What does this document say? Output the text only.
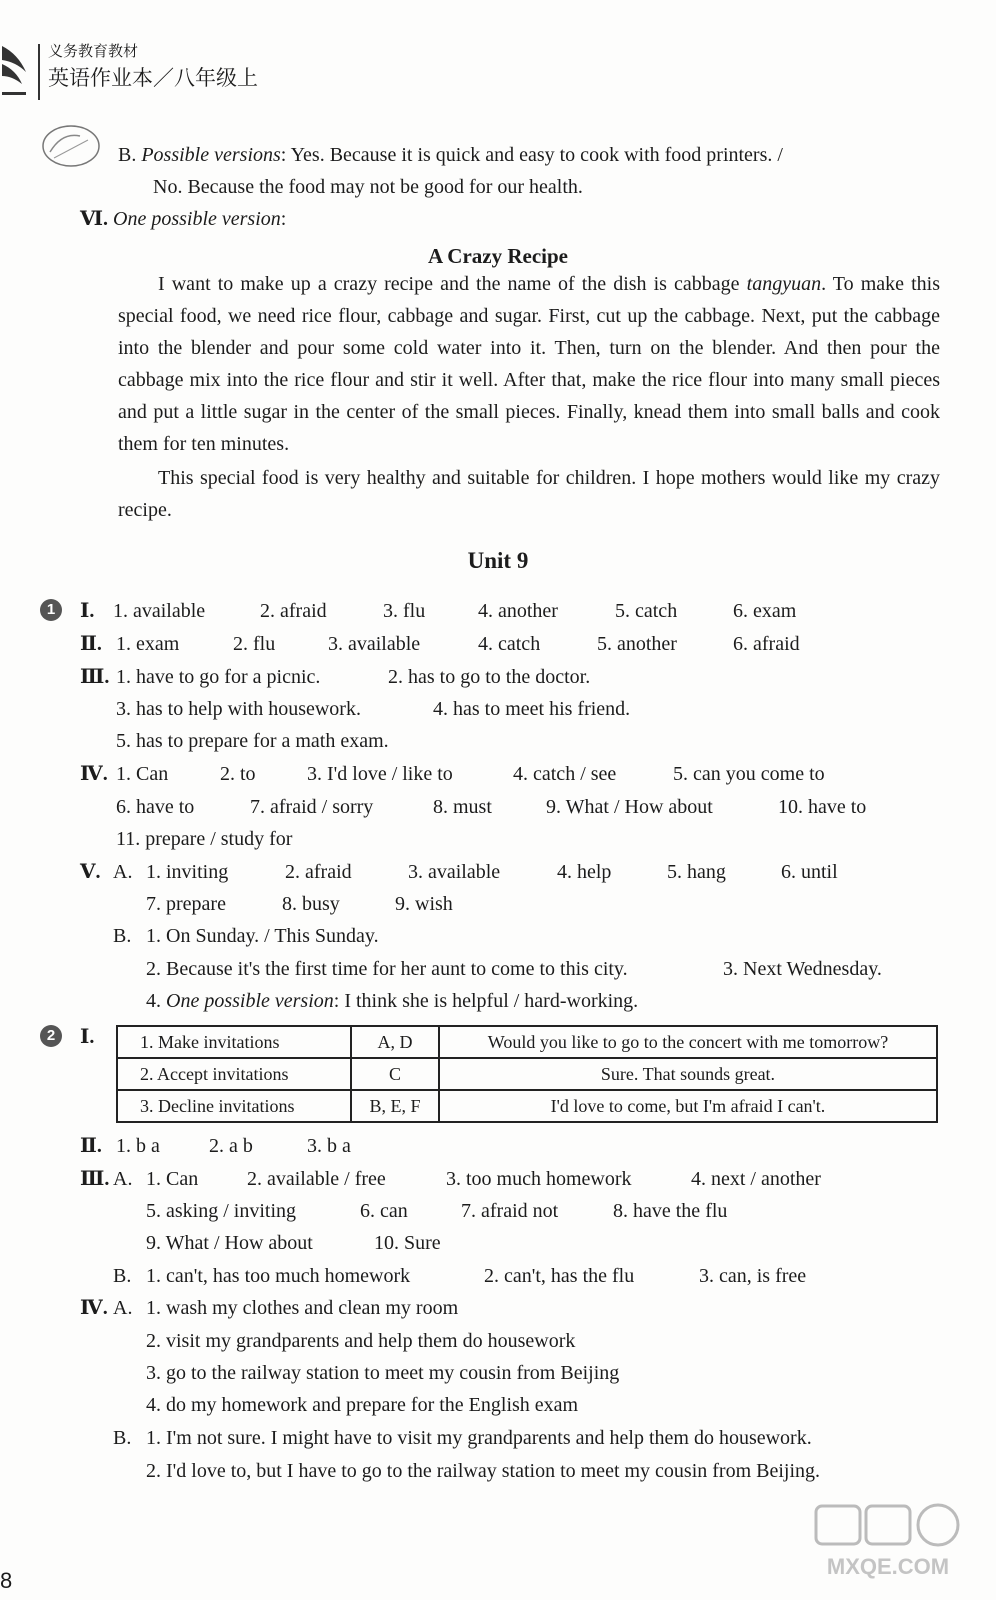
义务教育教材
英语作业本／八年级上
B. Possible versions: Yes. Because it is quick and easy to cook with food printers. /
No. Because the food may not be good for our health.
Ⅵ. One possible version:
A Crazy Recipe
I want to make up a crazy recipe and the name of the dish is cabbage tangyuan. To make this special food, we need rice flour, cabbage and sugar. First, cut up the cabbage. Next, put the cabbage into the blender and pour some cold water into it. Then, turn on the blender. And then pour the cabbage mix into the rice flour and stir it well. After that, make the rice flour into many small pieces and put a little sugar in the center of the small pieces. Finally, knead them into small balls and cook them for ten minutes.
This special food is very healthy and suitable for children. I hope mothers would like my crazy recipe.
Unit 9
1	Ⅰ. 1. available	2. afraid	3. flu	4. another	5. catch	6. exam
Ⅱ. 1. exam	2. flu	3. available	4. catch	5. another	6. afraid
Ⅲ. 1. have to go for a picnic.	2. has to go to the doctor.
3. has to help with housework.	4. has to meet his friend.
5. has to prepare for a math exam.
Ⅳ. 1. Can	2. to	3. I'd love / like to	4. catch / see	5. can you come to
6. have to	7. afraid / sorry	8. must	9. What / How about	10. have to
11. prepare / study for
Ⅴ. A. 1. inviting	2. afraid	3. available	4. help	5. hang	6. until
7. prepare	8. busy	9. wish
B. 1. On Sunday. / This Sunday.
2. Because it's the first time for her aunt to come to this city.	3. Next Wednesday.
4. One possible version: I think she is helpful / hard-working.
2	Ⅰ.	1. Make invitations	A, D	Would you like to go to the concert with me tomorrow?
2. Accept invitations	C	Sure. That sounds great.
3. Decline invitations	B, E, F	I'd love to come, but I'm afraid I can't.
Ⅱ. 1. b a 2. a b	3. b a
Ⅲ. A. 1. Can 2. available / free	3. too much homework	4. next / another
5. asking / inviting	6. can	7. afraid not	8. have the flu
9. What / How about	10. Sure
B. 1. can't, has too much homework	2. can't, has the flu	3. can, is free
Ⅳ. A. 1. wash my clothes and clean my room
2. visit my grandparents and help them do housework
3. go to the railway station to meet my cousin from Beijing
4. do my homework and prepare for the English exam
B. 1. I'm not sure. I might have to visit my grandparents and help them do housework.
2. I'd love to, but I have to go to the railway station to meet my cousin from Beijing.
8
MXQE.COM
